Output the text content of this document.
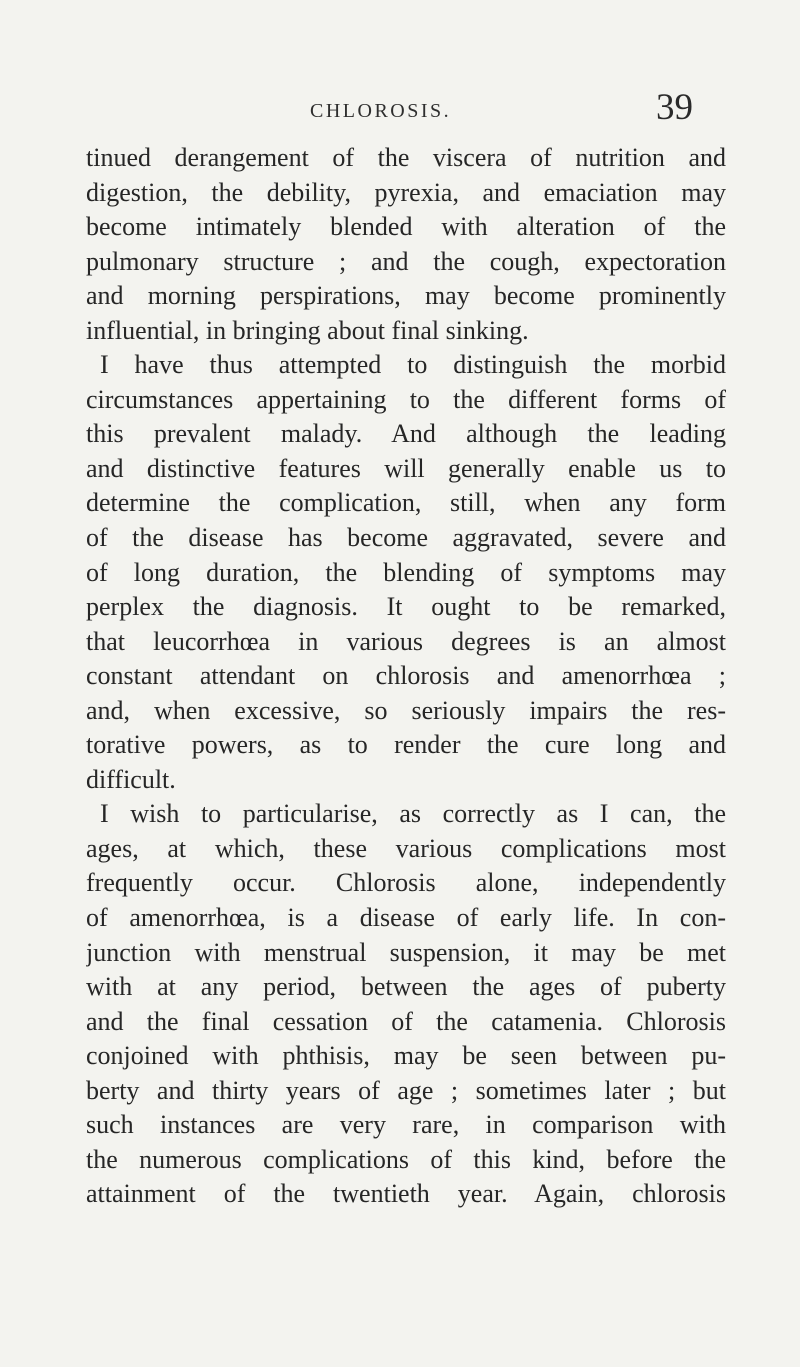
CHLOROSIS.	39
tinued derangement of the viscera of nutrition and
digestion, the debility, pyrexia, and emaciation may
become intimately blended with alteration of the
pulmonary structure ; and the cough, expectoration
and morning perspirations, may become prominently
influential, in bringing about final sinking.
I have thus attempted to distinguish the morbid
circumstances appertaining to the different forms of
this prevalent malady. And although the leading
and distinctive features will generally enable us to
determine the complication, still, when any form
of the disease has become aggravated, severe and
of long duration, the blending of symptoms may
perplex the diagnosis. It ought to be remarked,
that leucorrhœa in various degrees is an almost
constant attendant on chlorosis and amenorrhœa ;
and, when excessive, so seriously impairs the res-
torative powers, as to render the cure long and
difficult.
I wish to particularise, as correctly as I can, the
ages, at which, these various complications most
frequently occur. Chlorosis alone, independently
of amenorrhœa, is a disease of early life. In con-
junction with menstrual suspension, it may be met
with at any period, between the ages of puberty
and the final cessation of the catamenia. Chlorosis
conjoined with phthisis, may be seen between pu-
berty and thirty years of age ; sometimes later ; but
such instances are very rare, in comparison with
the numerous complications of this kind, before the
attainment of the twentieth year. Again, chlorosis
